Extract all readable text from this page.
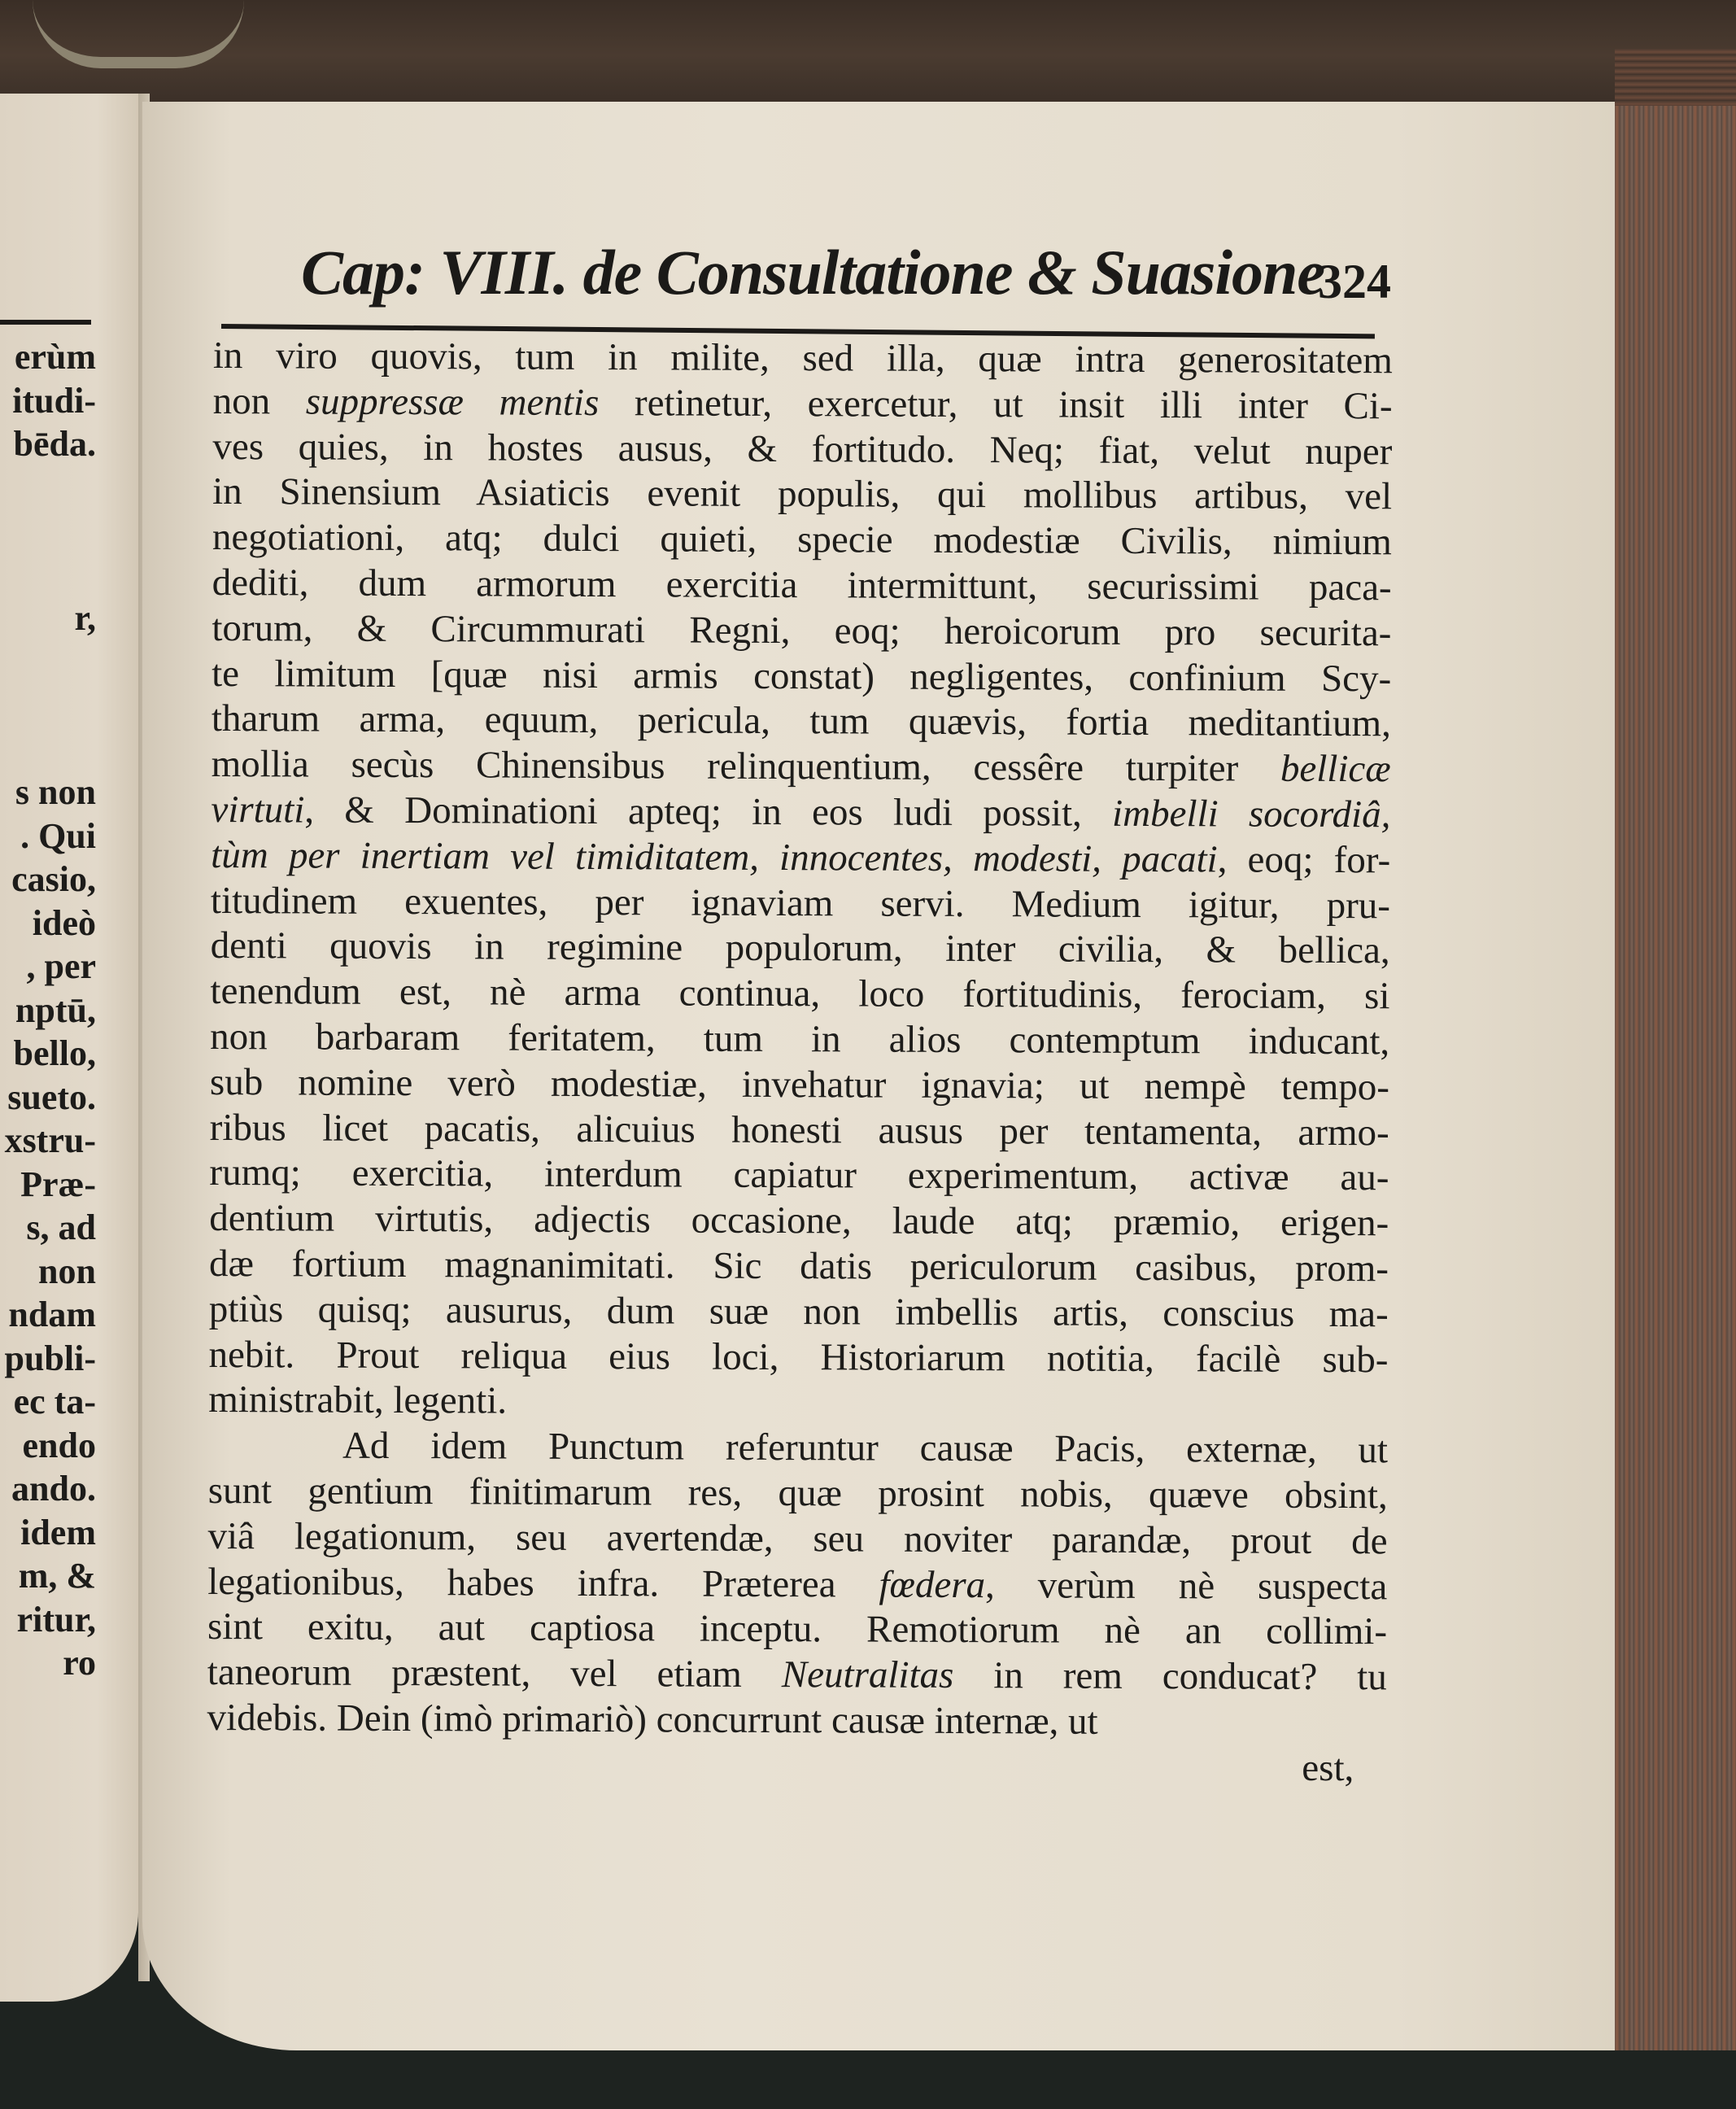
erùm
itudi-
bēda.
r,
s non
. Qui
casio,
ideò
, per
nptū,
bello,
sueto.
xstru-
Præ-
s, ad
non
ndam
publi-
ec ta-
endo
ando.
idem
m, &
ritur,
ro
Cap: VIII. de Consultatione & Suasione
324
in viro quovis, tum in milite, sed illa, quæ intra generositatem
non suppressæ mentis retinetur, exercetur, ut insit illi inter Ci-
ves quies, in hostes ausus, & fortitudo. Neq; fiat, velut nuper
in Sinensium Asiaticis evenit populis, qui mollibus artibus, vel
negotiationi, atq; dulci quieti, specie modestiæ Civilis, nimium
dediti, dum armorum exercitia intermittunt, securissimi paca-
torum, & Circummurati Regni, eoq; heroicorum pro securita-
te limitum [quæ nisi armis constat) negligentes, confinium Scy-
tharum arma, equum, pericula, tum quævis, fortia meditantium,
mollia secùs Chinensibus relinquentium, cessêre turpiter bellicæ
virtuti, & Dominationi apteq; in eos ludi possit, imbelli socordiâ,
tùm per inertiam vel timiditatem, innocentes, modesti, pacati, eoq; for-
titudinem exuentes, per ignaviam servi. Medium igitur, pru-
denti quovis in regimine populorum, inter civilia, & bellica,
tenendum est, nè arma continua, loco fortitudinis, ferociam, si
non barbaram feritatem, tum in alios contemptum inducant,
sub nomine verò modestiæ, invehatur ignavia; ut nempè tempo-
ribus licet pacatis, alicuius honesti ausus per tentamenta, armo-
rumq; exercitia, interdum capiatur experimentum, activæ au-
dentium virtutis, adjectis occasione, laude atq; præmio, erigen-
dæ fortium magnanimitati. Sic datis periculorum casibus, prom-
ptiùs quisq; ausurus, dum suæ non imbellis artis, conscius ma-
nebit. Prout reliqua eius loci, Historiarum notitia, facilè sub-
ministrabit, legenti.
Ad idem Punctum referuntur causæ Pacis, externæ, ut
sunt gentium finitimarum res, quæ prosint nobis, quæve obsint,
viâ legationum, seu avertendæ, seu noviter parandæ, prout de
legationibus, habes infra. Præterea fœdera, verùm nè suspecta
sint exitu, aut captiosa inceptu. Remotiorum nè an collimi-
taneorum præstent, vel etiam Neutralitas in rem conducat? tu
videbis. Dein (imò primariò) concurrunt causæ internæ, ut
est,
